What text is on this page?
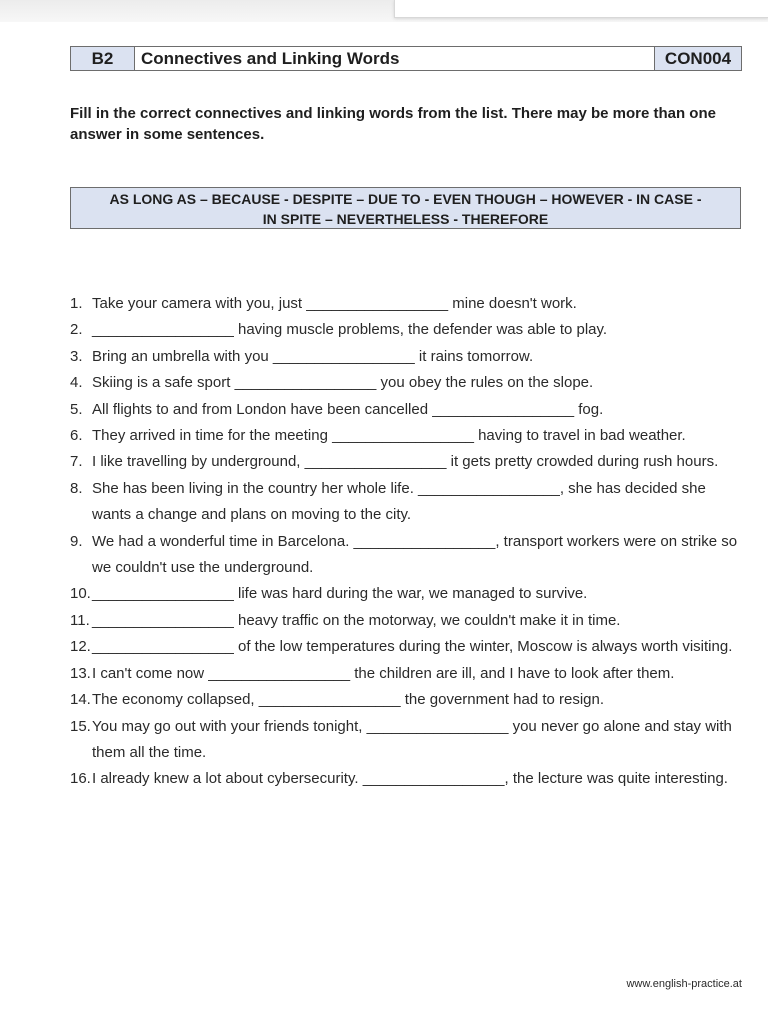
B2	Connectives and Linking Words	CON004
Fill in the correct connectives and linking words from the list. There may be more than one answer in some sentences.
AS LONG AS – BECAUSE - DESPITE – DUE TO - EVEN THOUGH – HOWEVER - IN CASE -
IN SPITE – NEVERTHELESS - THEREFORE
1. Take your camera with you, just _________________ mine doesn't work.
2. _________________ having muscle problems, the defender was able to play.
3. Bring an umbrella with you _________________ it rains tomorrow.
4. Skiing is a safe sport _________________ you obey the rules on the slope.
5. All flights to and from London have been cancelled _________________ fog.
6. They arrived in time for the meeting _________________ having to travel in bad weather.
7. I like travelling by underground, _________________ it gets pretty crowded during rush hours.
8. She has been living in the country her whole life. _________________, she has decided she wants a change and plans on moving to the city.
9. We had a wonderful time in Barcelona. _________________, transport workers were on strike so we couldn't use the underground.
10. _________________ life was hard during the war, we managed to survive.
11. _________________ heavy traffic on the motorway, we couldn't make it in time.
12. _________________ of the low temperatures during the winter, Moscow is always worth visiting.
13. I can't come now _________________ the children are ill, and I have to look after them.
14. The economy collapsed, _________________ the government had to resign.
15. You may go out with your friends tonight, _________________ you never go alone and stay with them all the time.
16. I already knew a lot about cybersecurity. _________________, the lecture was quite interesting.
www.english-practice.at
